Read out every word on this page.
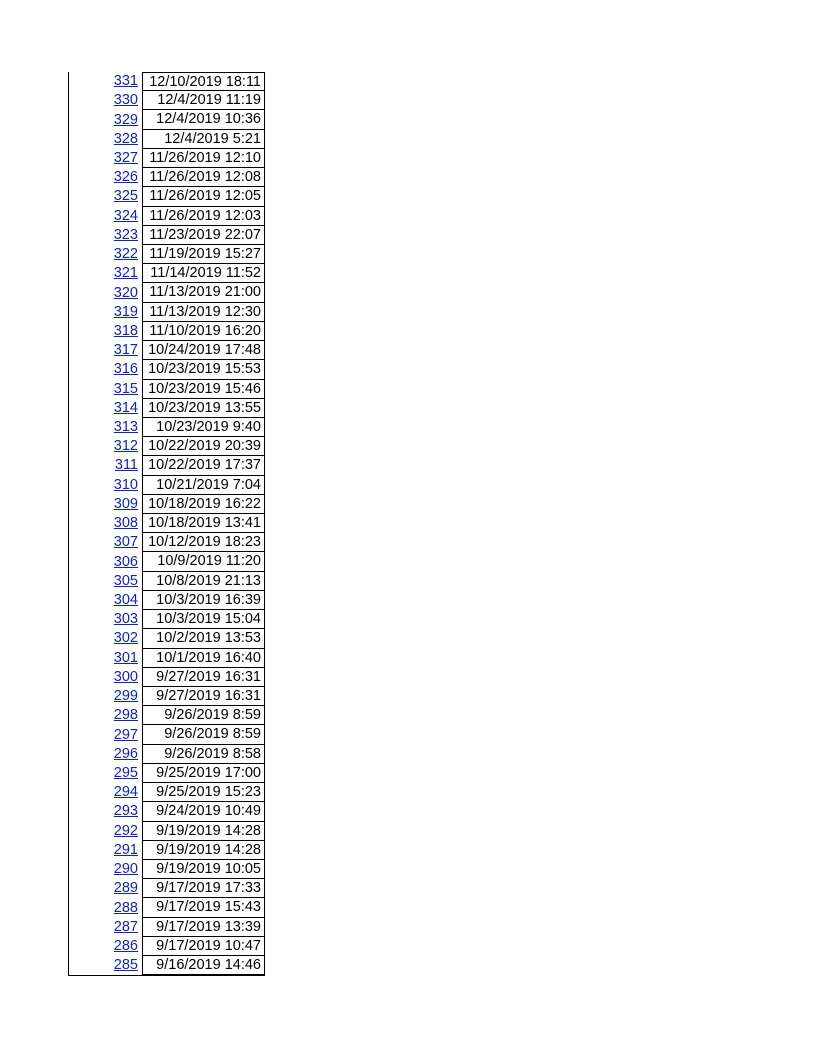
331 12/10/2019 18:11
330	12/4/2019 11:19
329	12/4/2019 10:36
328	12/4/2019 5:21
327 11/26/2019 12:10
326 11/26/2019 12:08
325 11/26/2019 12:05
324 11/26/2019 12:03
323 11/23/2019 22:07
322 11/19/2019 15:27
321 11/14/2019 11:52
320 11/13/2019 21:00
319 11/13/2019 12:30
318 11/10/2019 16:20
317 10/24/2019 17:48
316 10/23/2019 15:53
315 10/23/2019 15:46
314 10/23/2019 13:55
313	10/23/2019 9:40
312 10/22/2019 20:39
311 10/22/2019 17:37
310	10/21/2019 7:04
309 10/18/2019 16:22
308 10/18/2019 13:41
307 10/12/2019 18:23
306	10/9/2019 11:20
305	10/8/2019 21:13
304	10/3/2019 16:39
303	10/3/2019 15:04
302	10/2/2019 13:53
301	10/1/2019 16:40
300	9/27/2019 16:31
299	9/27/2019 16:31
298	9/26/2019 8:59
297	9/26/2019 8:59
296	9/26/2019 8:58
295	9/25/2019 17:00
294	9/25/2019 15:23
293	9/24/2019 10:49
292	9/19/2019 14:28
291	9/19/2019 14:28
290	9/19/2019 10:05
289	9/17/2019 17:33
288	9/17/2019 15:43
287	9/17/2019 13:39
286	9/17/2019 10:47
285	9/16/2019 14:46
